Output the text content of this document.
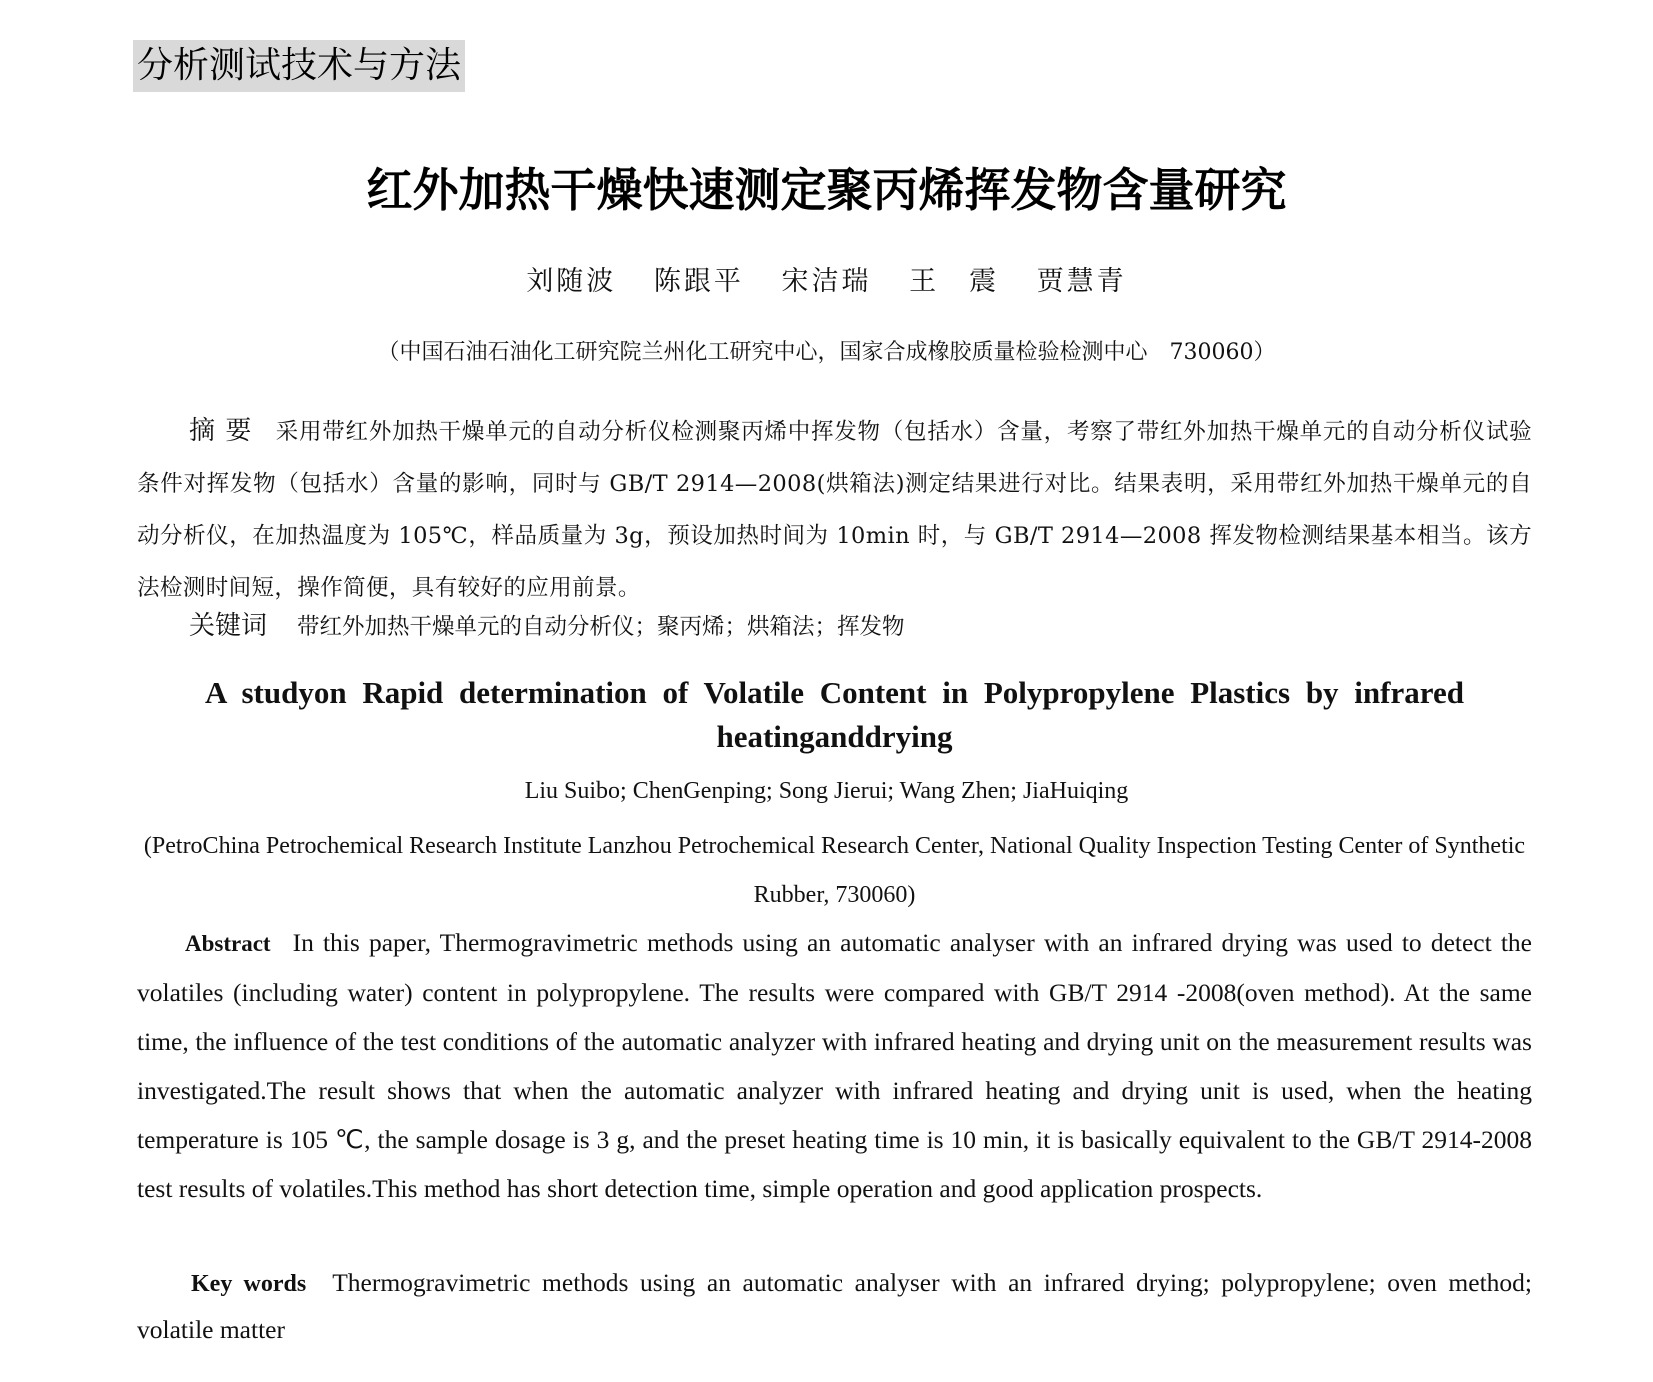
分析测试技术与方法
红外加热干燥快速测定聚丙烯挥发物含量研究
刘随波 陈跟平 宋洁瑞 王　震 贾慧青
（中国石油石油化工研究院兰州化工研究中心，国家合成橡胶质量检验检测中心　730060）

摘要 采用带红外加热干燥单元的自动分析仪检测聚丙烯中挥发物（包括水）含量，考察了带红外加热干燥单元的自动分析仪试验条件对挥发物（包括水）含量的影响，同时与 GB/T 2914—2008(烘箱法)测定结果进行对比。结果表明，采用带红外加热干燥单元的自动分析仪，在加热温度为 105℃，样品质量为 3g，预设加热时间为 10min 时，与 GB/T 2914—2008 挥发物检测结果基本相当。该方法检测时间短，操作简便，具有较好的应用前景。

关键词 带红外加热干燥单元的自动分析仪；聚丙烯；烘箱法；挥发物
A studyon Rapid determination of Volatile Content in Polypropylene Plastics by infrared heatinganddrying
Liu Suibo; ChenGenping; Song Jierui; Wang Zhen; JiaHuiqing
(PetroChina Petrochemical Research Institute Lanzhou Petrochemical Research Center, National Quality Inspection Testing Center of Synthetic Rubber, 730060)

Abstract In this paper, Thermogravimetric methods using an automatic analyser with an infrared drying was used to detect the volatiles (including water) content in polypropylene. The results were compared with GB/T 2914 -2008(oven method). At the same time, the influence of the test conditions of the automatic analyzer with infrared heating and drying unit on the measurement results was investigated.The result shows that when the automatic analyzer with infrared heating and drying unit is used, when the heating temperature is 105 ℃, the sample dosage is 3 g, and the preset heating time is 10 min, it is basically equivalent to the GB/T 2914-2008 test results of volatiles.This method has short detection time, simple operation and good application prospects.

Key words Thermogravimetric methods using an automatic analyser with an infrared drying; polypropylene; oven method; volatile matter
